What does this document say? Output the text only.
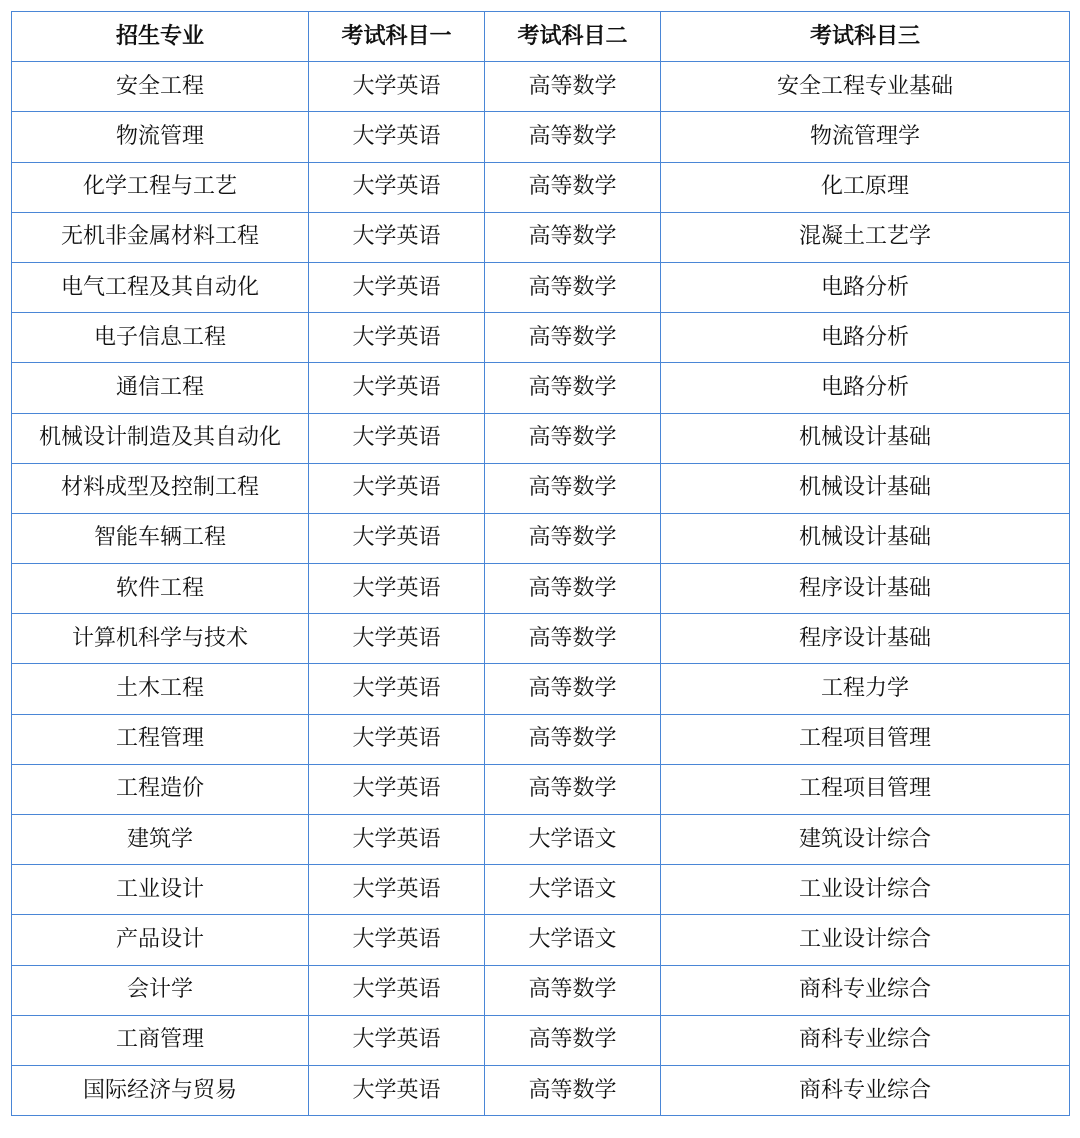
招生专业	考试科目一	考试科目二	考试科目三
安全工程	大学英语	高等数学	安全工程专业基础
物流管理	大学英语	高等数学	物流管理学
化学工程与工艺	大学英语	高等数学	化工原理
无机非金属材料工程	大学英语	高等数学	混凝土工艺学
电气工程及其自动化	大学英语	高等数学	电路分析
电子信息工程	大学英语	高等数学	电路分析
通信工程	大学英语	高等数学	电路分析
机械设计制造及其自动化	大学英语	高等数学	机械设计基础
材料成型及控制工程	大学英语	高等数学	机械设计基础
智能车辆工程	大学英语	高等数学	机械设计基础
软件工程	大学英语	高等数学	程序设计基础
计算机科学与技术	大学英语	高等数学	程序设计基础
土木工程	大学英语	高等数学	工程力学
工程管理	大学英语	高等数学	工程项目管理
工程造价	大学英语	高等数学	工程项目管理
建筑学	大学英语	大学语文	建筑设计综合
工业设计	大学英语	大学语文	工业设计综合
产品设计	大学英语	大学语文	工业设计综合
会计学	大学英语	高等数学	商科专业综合
工商管理	大学英语	高等数学	商科专业综合
国际经济与贸易	大学英语	高等数学	商科专业综合
